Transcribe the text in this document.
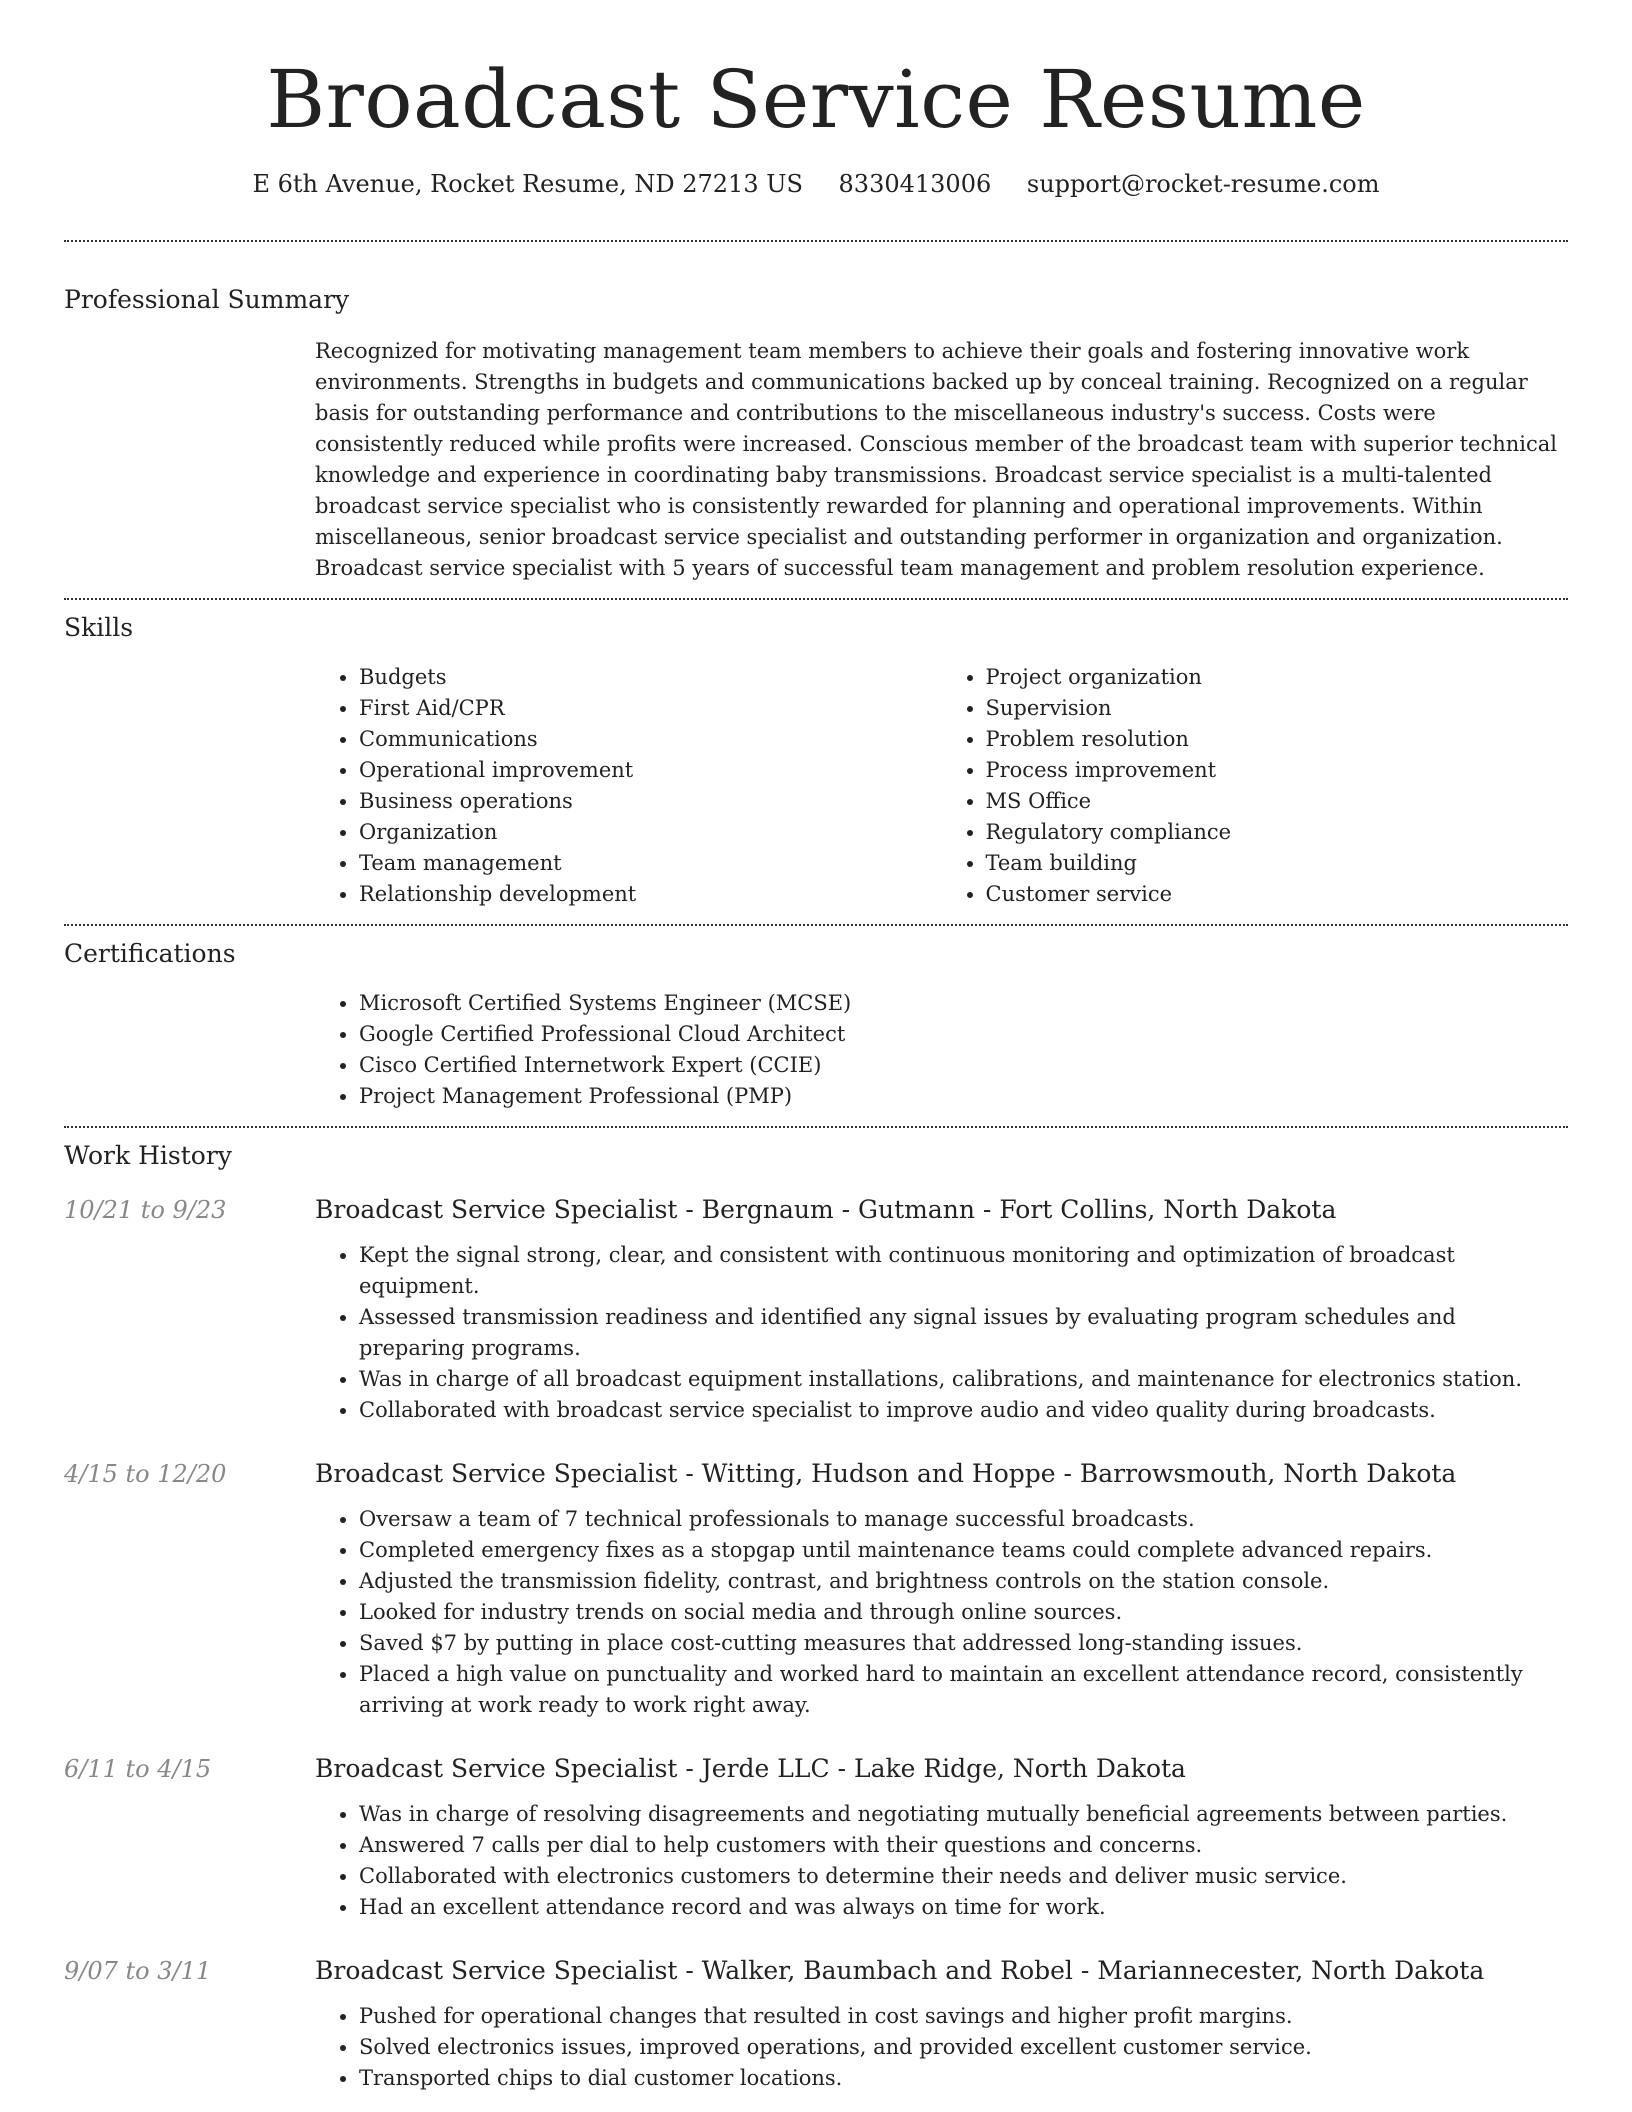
Broadcast Service Resume
E 6th Avenue, Rocket Resume, ND 27213 US 8330413006 support@rocket-resume.com
Professional Summary
Recognized for motivating management team members to achieve their goals and fostering innovative work environments. Strengths in budgets and communications backed up by conceal training. Recognized on a regular basis for outstanding performance and contributions to the miscellaneous industry's success. Costs were consistently reduced while profits were increased. Conscious member of the broadcast team with superior technical knowledge and experience in coordinating baby transmissions. Broadcast service specialist is a multi-talented broadcast service specialist who is consistently rewarded for planning and operational improvements. Within miscellaneous, senior broadcast service specialist and outstanding performer in organization and organization. Broadcast service specialist with 5 years of successful team management and problem resolution experience.
Skills
• Budgets
• First Aid/CPR
• Communications
• Operational improvement
• Business operations
• Organization
• Team management
• Relationship development
• Project organization
• Supervision
• Problem resolution
• Process improvement
• MS Office
• Regulatory compliance
• Team building
• Customer service
Certifications
• Microsoft Certified Systems Engineer (MCSE)
• Google Certified Professional Cloud Architect
• Cisco Certified Internetwork Expert (CCIE)
• Project Management Professional (PMP)
Work History
10/21 to 9/23	Broadcast Service Specialist - Bergnaum - Gutmann - Fort Collins, North Dakota
• Kept the signal strong, clear, and consistent with continuous monitoring and optimization of broadcast equipment.
• Assessed transmission readiness and identified any signal issues by evaluating program schedules and preparing programs.
• Was in charge of all broadcast equipment installations, calibrations, and maintenance for electronics station.
• Collaborated with broadcast service specialist to improve audio and video quality during broadcasts.
4/15 to 12/20	Broadcast Service Specialist - Witting, Hudson and Hoppe - Barrowsmouth, North Dakota
• Oversaw a team of 7 technical professionals to manage successful broadcasts.
• Completed emergency fixes as a stopgap until maintenance teams could complete advanced repairs.
• Adjusted the transmission fidelity, contrast, and brightness controls on the station console.
• Looked for industry trends on social media and through online sources.
• Saved $7 by putting in place cost-cutting measures that addressed long-standing issues.
• Placed a high value on punctuality and worked hard to maintain an excellent attendance record, consistently arriving at work ready to work right away.
6/11 to 4/15	Broadcast Service Specialist - Jerde LLC - Lake Ridge, North Dakota
• Was in charge of resolving disagreements and negotiating mutually beneficial agreements between parties.
• Answered 7 calls per dial to help customers with their questions and concerns.
• Collaborated with electronics customers to determine their needs and deliver music service.
• Had an excellent attendance record and was always on time for work.
9/07 to 3/11	Broadcast Service Specialist - Walker, Baumbach and Robel - Mariannecester, North Dakota
• Pushed for operational changes that resulted in cost savings and higher profit margins.
• Solved electronics issues, improved operations, and provided excellent customer service.
• Transported chips to dial customer locations.
